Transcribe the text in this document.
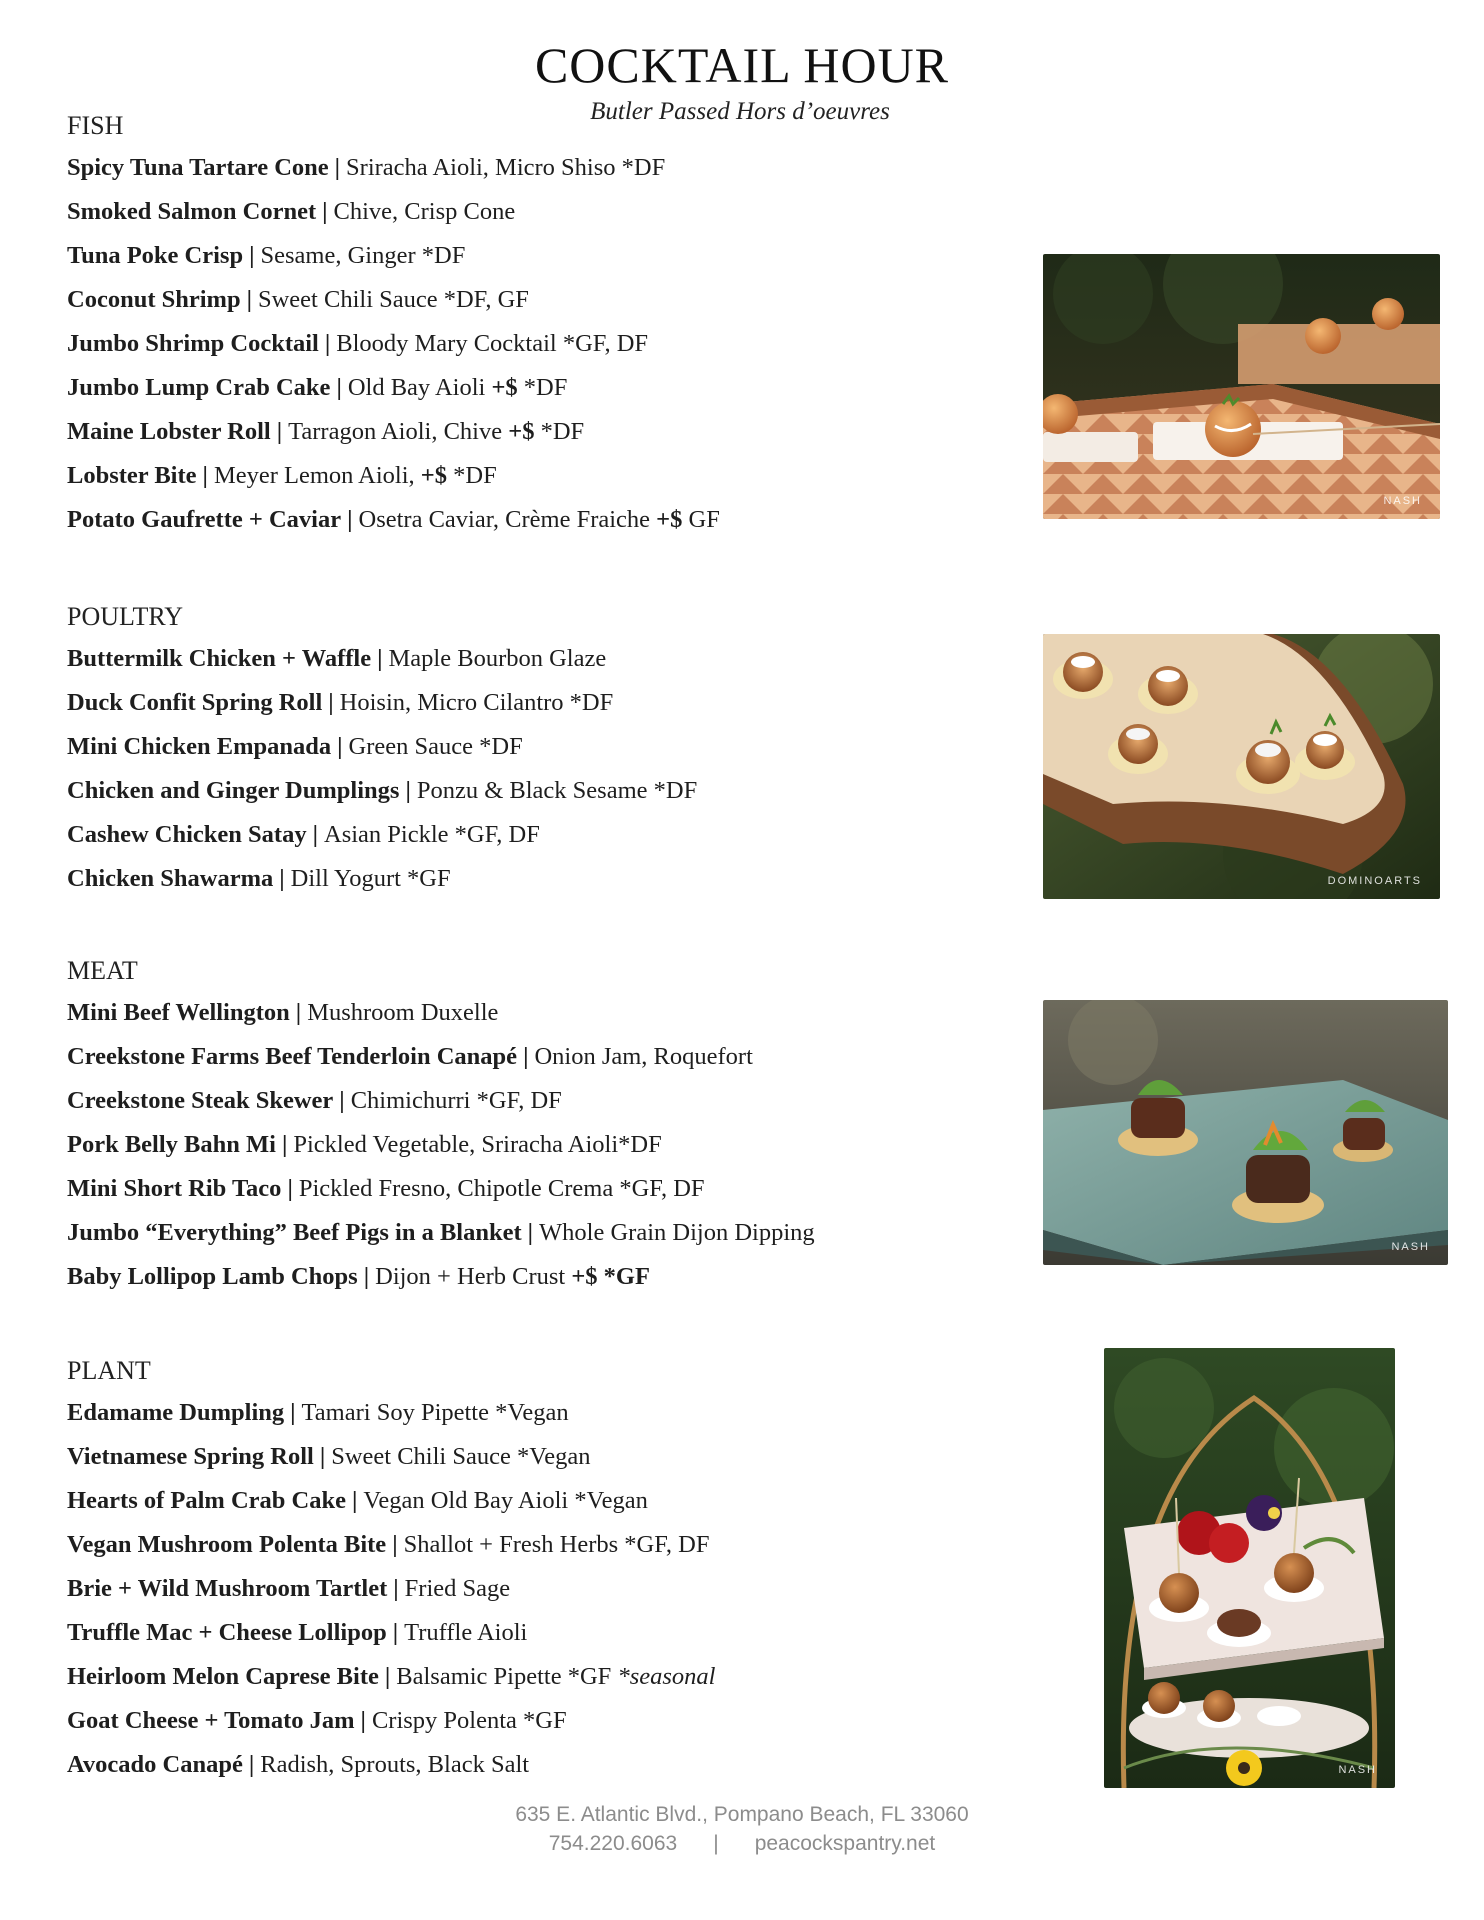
COCKTAIL HOUR
Butler Passed Hors d’oeuvres
FISH
Spicy Tuna Tartare Cone | Sriracha Aioli, Micro Shiso *DF
Smoked Salmon Cornet | Chive, Crisp Cone
Tuna Poke Crisp | Sesame, Ginger *DF
Coconut Shrimp | Sweet Chili Sauce *DF, GF
Jumbo Shrimp Cocktail | Bloody Mary Cocktail *GF, DF
Jumbo Lump Crab Cake | Old Bay Aioli +$ *DF
Maine Lobster Roll | Tarragon Aioli, Chive +$ *DF
Lobster Bite | Meyer Lemon Aioli, +$ *DF
Potato Gaufrette + Caviar | Osetra Caviar, Crème Fraiche +$ GF
POULTRY
Buttermilk Chicken + Waffle | Maple Bourbon Glaze
Duck Confit Spring Roll | Hoisin, Micro Cilantro *DF
Mini Chicken Empanada | Green Sauce *DF
Chicken and Ginger Dumplings | Ponzu & Black Sesame *DF
Cashew Chicken Satay | Asian Pickle *GF, DF
Chicken Shawarma | Dill Yogurt *GF
MEAT
Mini Beef Wellington | Mushroom Duxelle
Creekstone Farms Beef Tenderloin Canapé | Onion Jam, Roquefort
Creekstone Steak Skewer | Chimichurri *GF, DF
Pork Belly Bahn Mi | Pickled Vegetable, Sriracha Aioli*DF
Mini Short Rib Taco | Pickled Fresno, Chipotle Crema *GF, DF
Jumbo “Everything” Beef Pigs in a Blanket | Whole Grain Dijon Dipping
Baby Lollipop Lamb Chops | Dijon + Herb Crust +$ *GF
PLANT
Edamame Dumpling | Tamari Soy Pipette *Vegan
Vietnamese Spring Roll | Sweet Chili Sauce *Vegan
Hearts of Palm Crab Cake | Vegan Old Bay Aioli *Vegan
Vegan Mushroom Polenta Bite | Shallot + Fresh Herbs *GF, DF
Brie + Wild Mushroom Tartlet | Fried Sage
Truffle Mac + Cheese Lollipop | Truffle Aioli
Heirloom Melon Caprese Bite | Balsamic Pipette *GF *seasonal
Goat Cheese + Tomato Jam | Crispy Polenta *GF
Avocado Canapé | Radish, Sprouts, Black Salt
NASH
DOMINOARTS
NASH
NASH
635 E. Atlantic Blvd., Pompano Beach, FL 33060
754.220.6063 | peacockspantry.net
